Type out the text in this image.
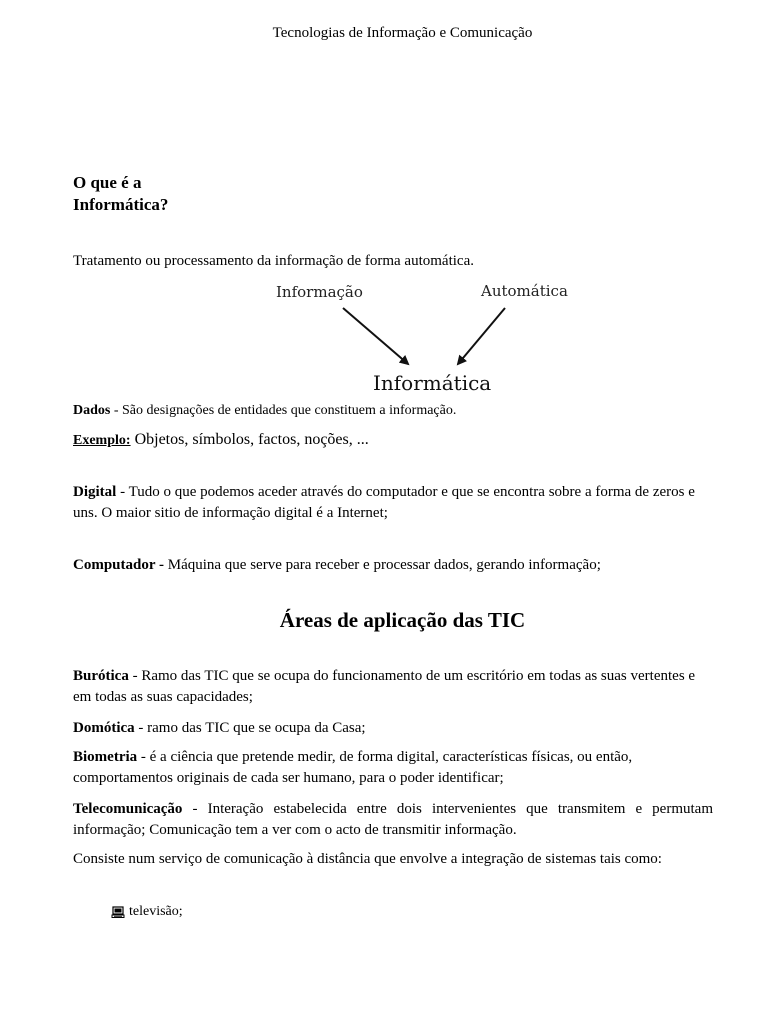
Tecnologias de Informação e Comunicação
O que é a
Informática?
Tratamento ou processamento da informação de forma automática.
Informação	Automática
Informática
Dados - São designações de entidades que constituem a informação.
Exemplo: Objetos, símbolos, factos, noções, ...
Digital - Tudo o que podemos aceder através do computador e que se encontra sobre a forma de zeros e uns. O maior sitio de informação digital é a Internet;
Computador - Máquina que serve para receber e processar dados, gerando informação;
Áreas de aplicação das TIC
Burótica - Ramo das TIC que se ocupa do funcionamento de um escritório em todas as suas vertentes e em todas as suas capacidades;
Domótica - ramo das TIC que se ocupa da Casa;
Biometria - é a ciência que pretende medir, de forma digital, características físicas, ou então, comportamentos originais de cada ser humano, para o poder identificar;
Telecomunicação - Interação estabelecida entre dois intervenientes que transmitem e permutam informação; Comunicação tem a ver com o acto de transmitir informação.
Consiste num serviço de comunicação à distância que envolve a integração de sistemas tais como:
televisão;
